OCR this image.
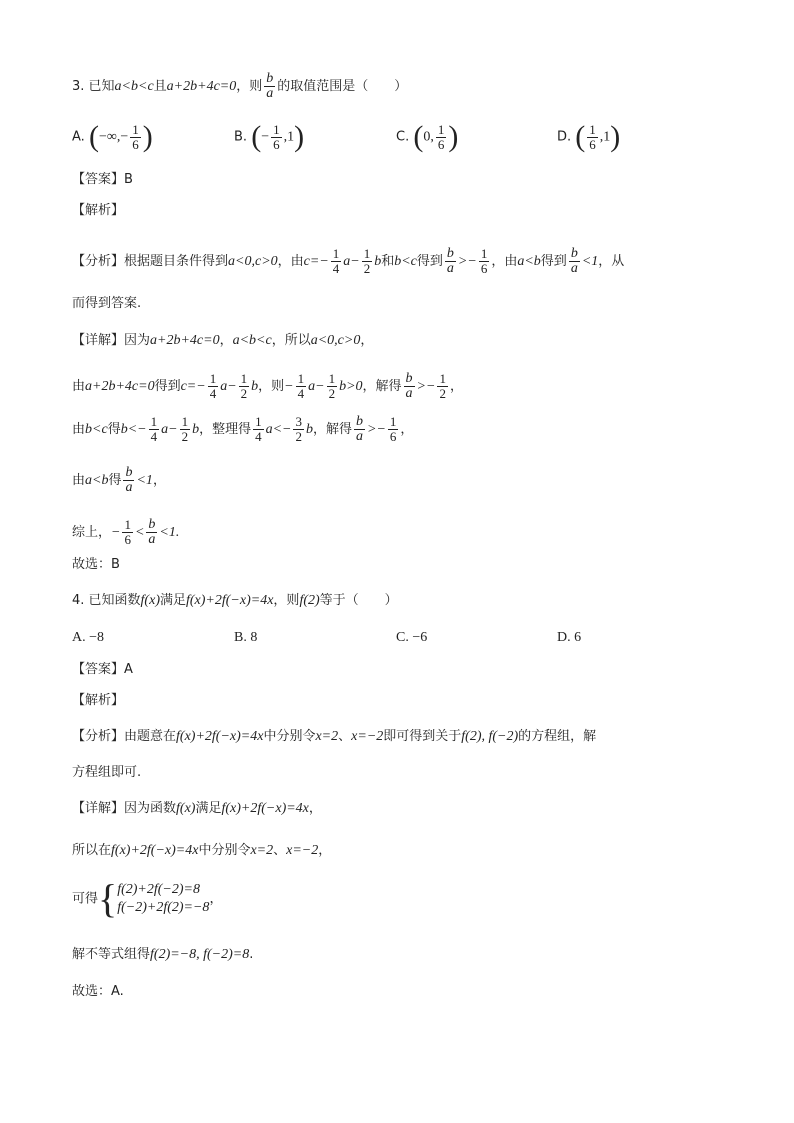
3. 已知a<b<c且a+2b+4c=0，则 $\frac{b}{a}$ 的取值范围是（　　）
A. (−∞,− $\frac{1}{6}$ )	B. (− $\frac{1}{6} ,1$)	C. (0, $\frac{1}{6}$ )	D. ( $\frac{1}{6} ,1$)
【答案】B
【解析】
【分析】根据题目条件得到a<0,c>0，由$c=- \frac{1}{4} a- \frac{1}{2}$ b和b<c得到 $\frac{b}{a} >- \frac{1}{6}$ ，由a<b得到 $\frac{b}{a} <1$，从
而得到答案.
【详解】因为a+2b+4c=0，a<b<c，所以a<0,c>0，
由a+2b+4c=0得到$c=- \frac{1}{4} a- \frac{1}{2}$ b，则− $\frac{1}{4} a- \frac{1}{2} b>0$，解得 $\frac{b}{a} >- \frac{1}{2}$ ，
由b<c得$b<- \frac{1}{4} a- \frac{1}{2}$ b，整理得 $\frac{1}{4} a<- \frac{3}{2}$ b，解得 $\frac{b}{a} >- \frac{1}{6}$ ，
由a<b得 $\frac{b}{a} <1$，
综上，− $\frac{1}{6} < \frac{b}{a} <1$.
故选：B
4. 已知函数f(x)满足f(x)+2f(−x)=4x，则f(2)等于（　　）
A. −8	B. 8	C. −6	D. 6
【答案】A
【解析】
【分析】由题意在f(x)+2f(−x)=4x中分别令x=2、x=−2即可得到关于f(2), f(−2)的方程组，解
方程组即可.
【详解】因为函数f(x)满足f(x)+2f(−x)=4x，
所以在f(x)+2f(−x)=4x中分别令x=2、x=−2，
可得{ f(2)+2f(−2)=8
f(−2)+2f(2)=−8
，
解不等式组得f(2)=−8, f(−2)=8.
故选：A.
